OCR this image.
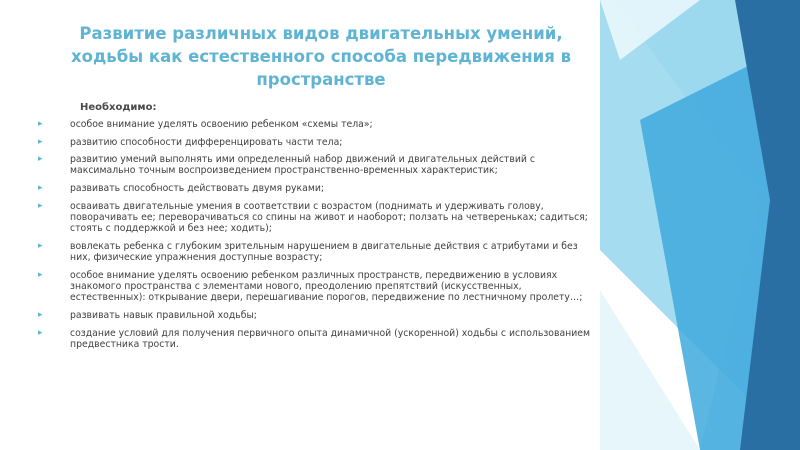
Развитие различных видов двигательных умений,
ходьбы как естественного способа передвижения в
пространстве
Необходимо:
▸	особое внимание уделять освоению ребенком «схемы тела»;
▸	развитию способности дифференцировать части тела;
▸	развитию умений выполнять ими определенный набор движений и двигательных действий с максимально точным воспроизведением пространственно-временных характеристик;
▸	развивать способность действовать двумя руками;
▸	осваивать двигательные умения в соответствии с возрастом (поднимать и удерживать голову, поворачивать ее; переворачиваться со спины на живот и наоборот; ползать на четвереньках; садиться; стоять с поддержкой и без нее; ходить);
▸	вовлекать ребенка с глубоким зрительным нарушением в двигательные действия с атрибутами и без них, физические упражнения доступные возрасту;
▸	особое внимание уделять освоению ребенком различных пространств, передвижению в условиях знакомого пространства с элементами нового, преодолению препятствий (искусственных, естественных): открывание двери, перешагивание порогов, передвижение по лестничному пролету…;
▸	развивать навык правильной ходьбы;
▸	создание условий для получения первичного опыта динамичной (ускоренной) ходьбы с использованием предвестника трости.
